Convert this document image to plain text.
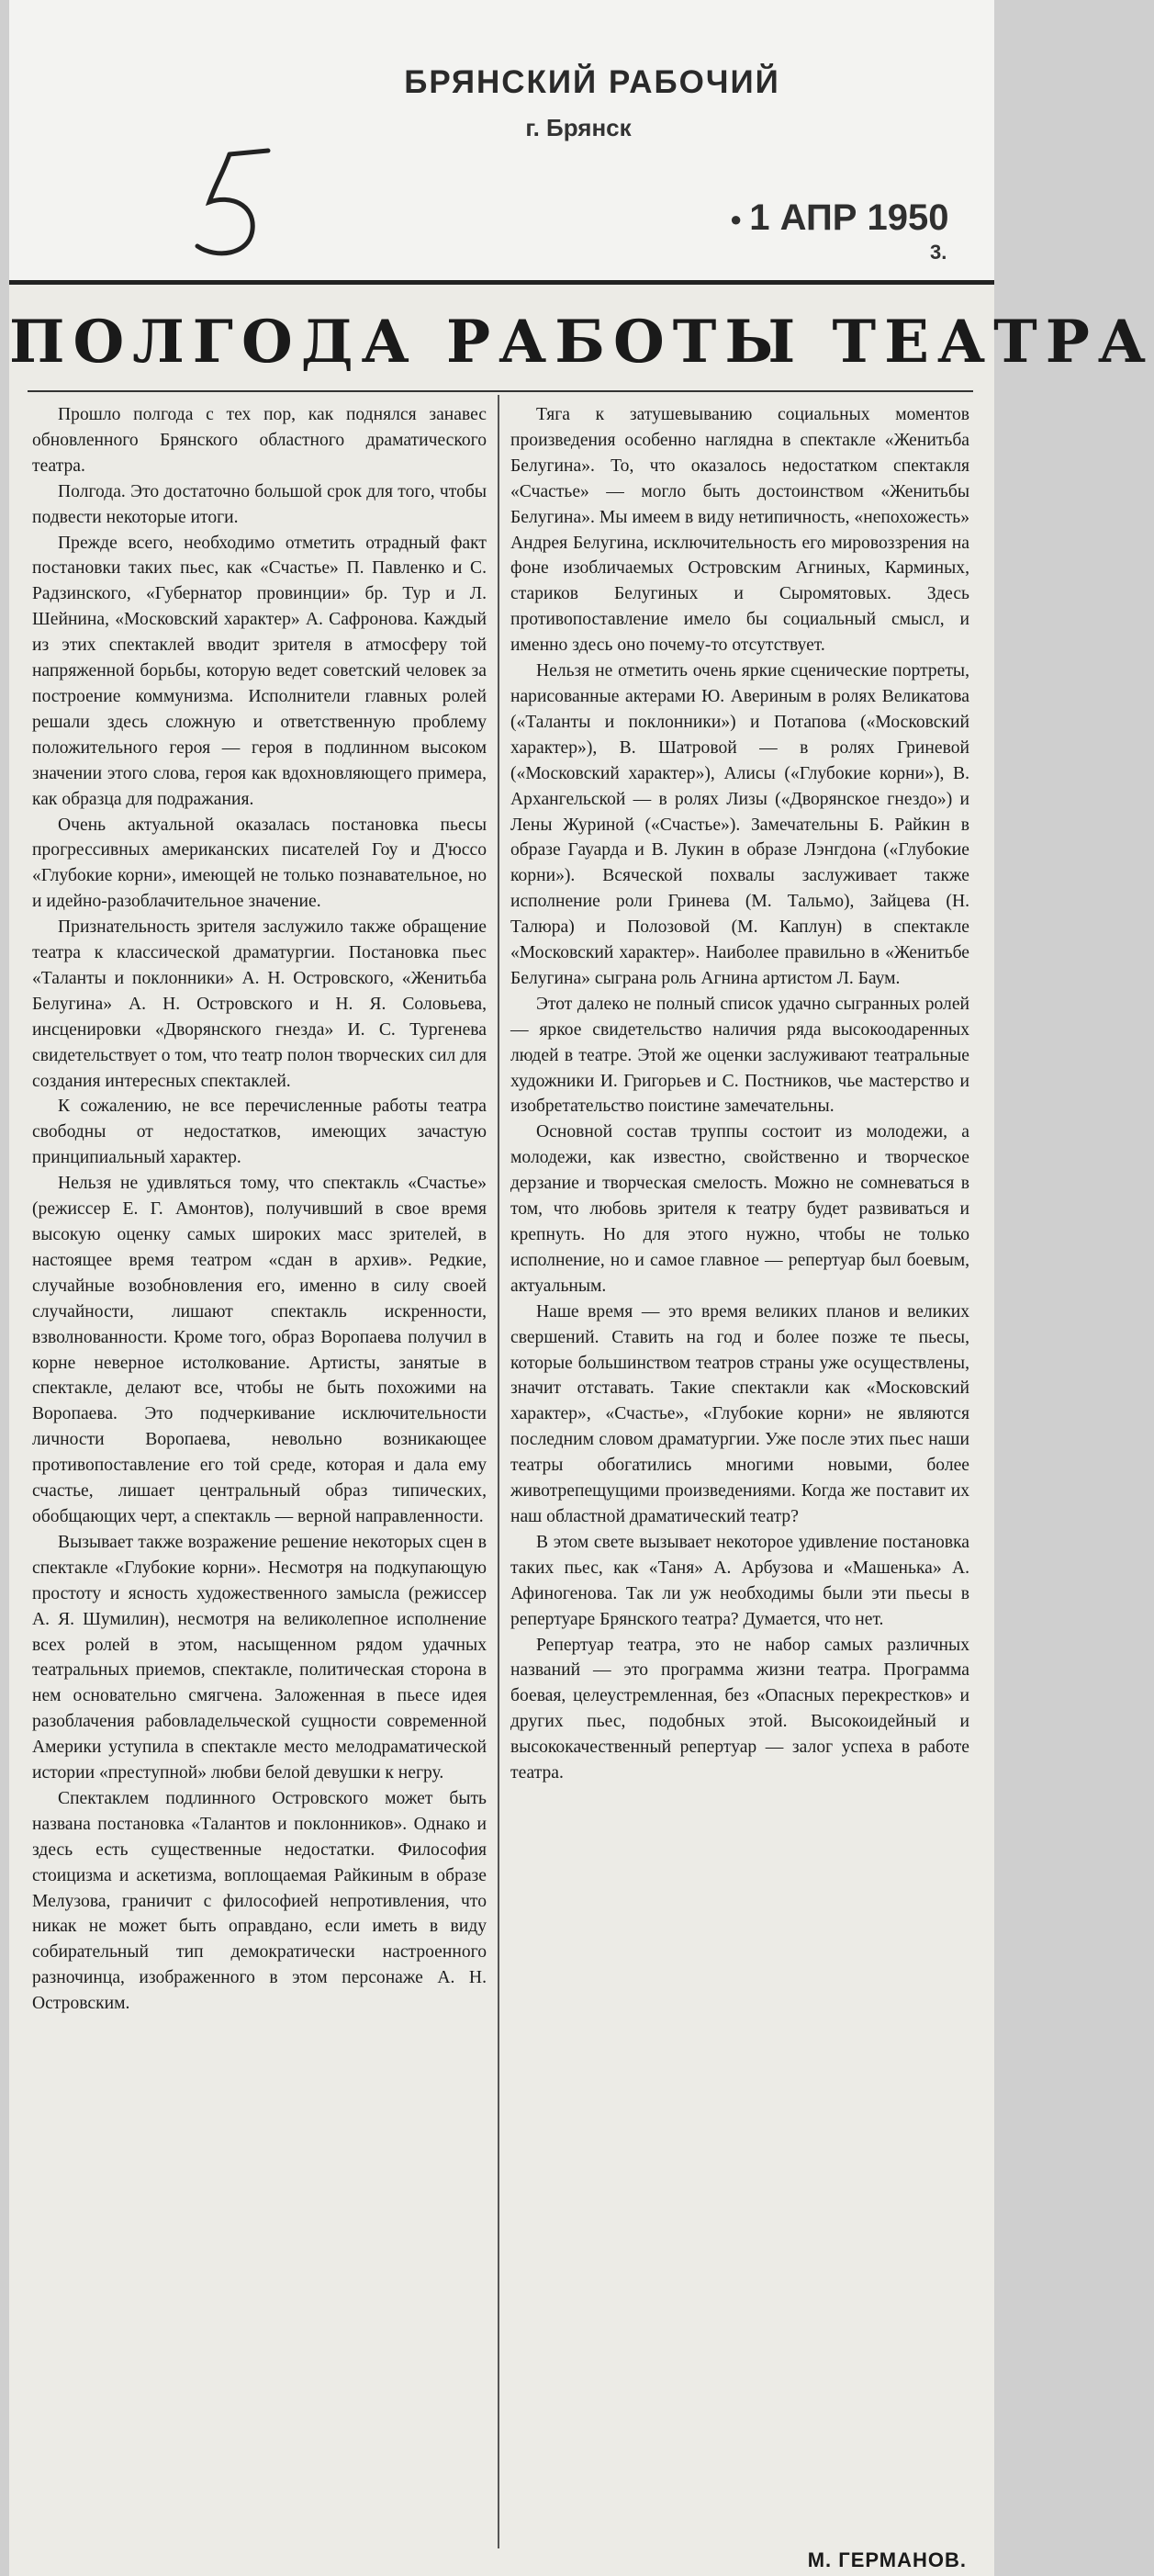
БРЯНСКИЙ РАБОЧИЙ
г. Брянск
● 1 АПР 1950
3.
ПОЛГОДА РАБОТЫ ТЕАТРА

Прошло полгода с тех пор, как поднялся занавес обновленного Брянского областного драматического театра.

Полгода. Это достаточно большой срок для того, чтобы подвести некоторые итоги.

Прежде всего, необходимо отметить отрадный факт постановки таких пьес, как «Счастье» П. Павленко и С. Радзинского, «Губернатор провинции» бр. Тур и Л. Шейнина, «Московский характер» А. Сафронова. Каждый из этих спектаклей вводит зрителя в атмосферу той напряженной борьбы, которую ведет советский человек за построение коммунизма. Исполнители главных ролей решали здесь сложную и ответственную проблему положительного героя — героя в подлинном высоком значении этого слова, героя как вдохновляющего примера, как образца для подражания.

Очень актуальной оказалась постановка пьесы прогрессивных американских писателей Гоу и Д'юссо «Глубокие корни», имеющей не только познавательное, но и идейно-разоблачительное значение.

Признательность зрителя заслужило также обращение театра к классической драматургии. Постановка пьес «Таланты и поклонники» А. Н. Островского, «Женитьба Белугина» А. Н. Островского и Н. Я. Соловьева, инсценировки «Дворянского гнезда» И. С. Тургенева свидетельствует о том, что театр полон творческих сил для создания интересных спектаклей.

К сожалению, не все перечисленные работы театра свободны от недостатков, имеющих зачастую принципиальный характер.

Нельзя не удивляться тому, что спектакль «Счастье» (режиссер Е. Г. Амонтов), получивший в свое время высокую оценку самых широких масс зрителей, в настоящее время театром «сдан в архив». Редкие, случайные возобновления его, именно в силу своей случайности, лишают спектакль искренности, взволнованности. Кроме того, образ Воропаева получил в корне неверное истолкование. Артисты, занятые в спектакле, делают все, чтобы не быть похожими на Воропаева. Это подчеркивание исключительности личности Воропаева, невольно возникающее противопоставление его той среде, которая и дала ему счастье, лишает центральный образ типических, обобщающих черт, а спектакль — верной направленности.

Вызывает также возражение решение некоторых сцен в спектакле «Глубокие корни». Несмотря на подкупающую простоту и ясность художественного замысла (режиссер А. Я. Шумилин), несмотря на великолепное исполнение всех ролей в этом, насыщенном рядом удачных театральных приемов, спектакле, политическая сторона в нем основательно смягчена. Заложенная в пьесе идея разоблачения рабовладельческой сущности современной Америки уступила в спектакле место мелодраматической истории «преступной» любви белой девушки к негру.

Спектаклем подлинного Островского может быть названа постановка «Талантов и поклонников». Однако и здесь есть существенные недостатки. Философия стоицизма и аскетизма, воплощаемая Райкиным в образе Мелузова, граничит с философией непротивления, что никак не может быть оправдано, если иметь в виду собирательный тип демократически настроенного разночинца, изображенного в этом персонаже А. Н. Островским.

Тяга к затушевыванию социальных моментов произведения особенно наглядна в спектакле «Женитьба Белугина». То, что оказалось недостатком спектакля «Счастье» — могло быть достоинством «Женитьбы Белугина». Мы имеем в виду нетипичность, «непохожесть» Андрея Белугина, исключительность его мировоззрения на фоне изобличаемых Островским Агниных, Карминых, стариков Белугиных и Сыромятовых. Здесь противопоставление имело бы социальный смысл, и именно здесь оно почему-то отсутствует.

Нельзя не отметить очень яркие сценические портреты, нарисованные актерами Ю. Авериным в ролях Великатова («Таланты и поклонники») и Потапова («Московский характер»), В. Шатровой — в ролях Гриневой («Московский характер»), Алисы («Глубокие корни»), В. Архангельской — в ролях Лизы («Дворянское гнездо») и Лены Журиной («Счастье»). Замечательны Б. Райкин в образе Гауарда и В. Лукин в образе Лэнгдона («Глубокие корни»). Всяческой похвалы заслуживает также исполнение роли Гринева (М. Тальмо), Зайцева (Н. Талюра) и Полозовой (М. Каплун) в спектакле «Московский характер». Наиболее правильно в «Женитьбе Белугина» сыграна роль Агнина артистом Л. Баум.

Этот далеко не полный список удачно сыгранных ролей — яркое свидетельство наличия ряда высокоодаренных людей в театре. Этой же оценки заслуживают театральные художники И. Григорьев и С. Постников, чье мастерство и изобретательство поистине замечательны.

Основной состав труппы состоит из молодежи, а молодежи, как известно, свойственно и творческое дерзание и творческая смелость. Можно не сомневаться в том, что любовь зрителя к театру будет развиваться и крепнуть. Но для этого нужно, чтобы не только исполнение, но и самое главное — репертуар был боевым, актуальным.

Наше время — это время великих планов и великих свершений. Ставить на год и более позже те пьесы, которые большинством театров страны уже осуществлены, значит отставать. Такие спектакли как «Московский характер», «Счастье», «Глубокие корни» не являются последним словом драматургии. Уже после этих пьес наши театры обогатились многими новыми, более животрепещущими произведениями. Когда же поставит их наш областной драматический театр?

В этом свете вызывает некоторое удивление постановка таких пьес, как «Таня» А. Арбузова и «Машенька» А. Афиногенова. Так ли уж необходимы были эти пьесы в репертуаре Брянского театра? Думается, что нет.

Репертуар театра, это не набор самых различных названий — это программа жизни театра. Программа боевая, целеустремленная, без «Опасных перекрестков» и других пьес, подобных этой. Высокоидейный и высококачественный репертуар — залог успеха в работе театра.

М. ГЕРМАНОВ.
